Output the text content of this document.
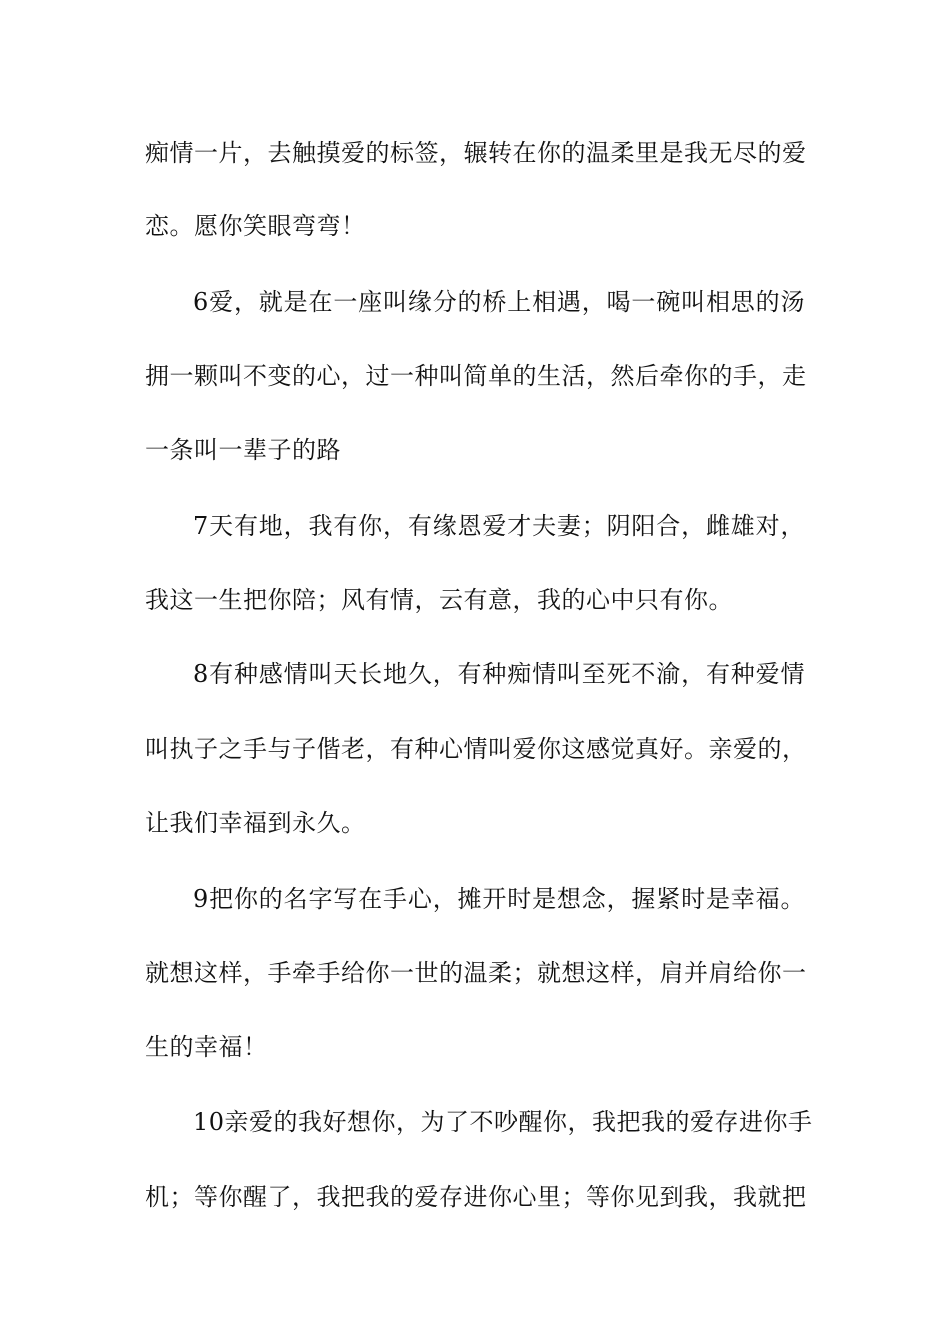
痴情一片，去触摸爱的标签，辗转在你的温柔里是我无尽的爱
恋。愿你笑眼弯弯！
6爱，就是在一座叫缘分的桥上相遇，喝一碗叫相思的汤
拥一颗叫不变的心，过一种叫简单的生活，然后牵你的手，走
一条叫一辈子的路
7天有地，我有你，有缘恩爱才夫妻；阴阳合，雌雄对，
我这一生把你陪；风有情，云有意，我的心中只有你。
8有种感情叫天长地久，有种痴情叫至死不渝，有种爱情
叫执子之手与子偕老，有种心情叫爱你这感觉真好。亲爱的，
让我们幸福到永久。
9把你的名字写在手心，摊开时是想念，握紧时是幸福。
就想这样，手牵手给你一世的温柔；就想这样，肩并肩给你一
生的幸福！
10亲爱的我好想你，为了不吵醒你，我把我的爱存进你手
机；等你醒了，我把我的爱存进你心里；等你见到我，我就把
